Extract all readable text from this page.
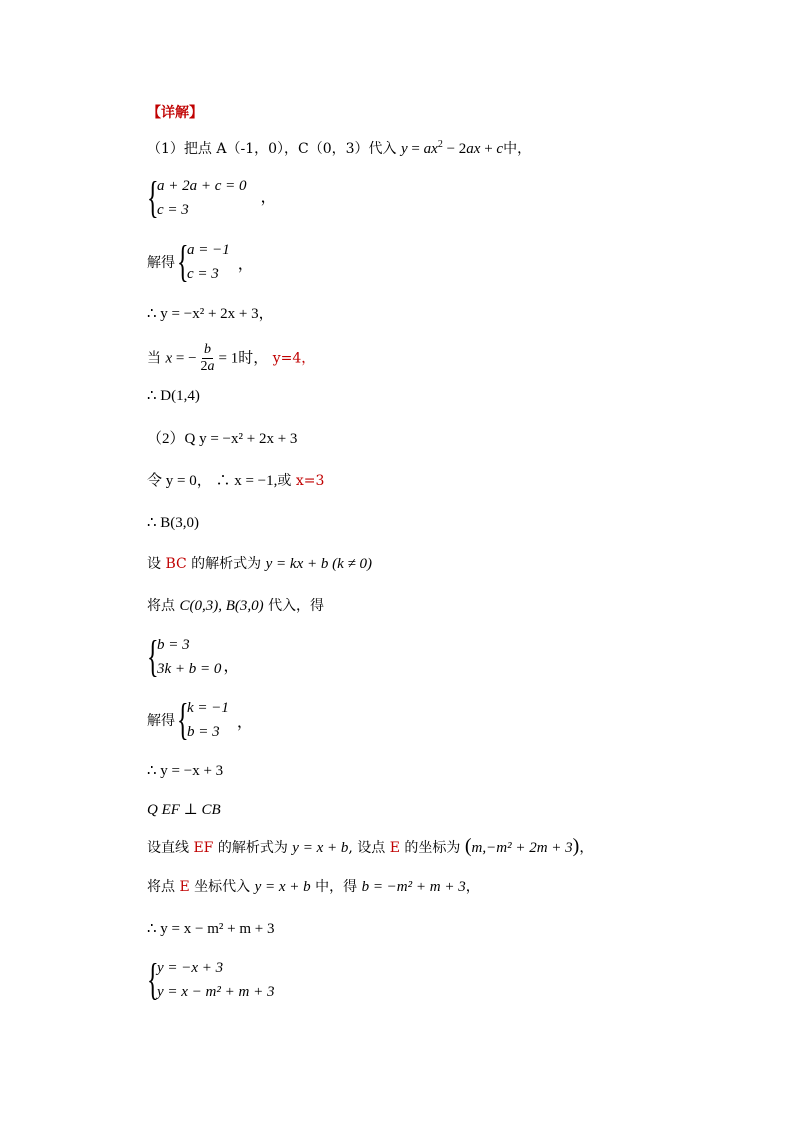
【详解】
（1）把点 A（-1，0），C（0，3）代入 $y = ax^2 - 2ax + c$中，
{
a + 2a + c = 0
c = 3
，
解得 {
a = −1
c = 3
，
∴ y = −x² + 2x + 3，
当 x = − $\frac{b}{2a} = 1$时， y=4，
∴ D(1,4)
（2）Q y = −x² + 2x + 3
令 y = 0， ∴ x = −1,或 x=3
∴ B(3,0)
设 BC 的解析式为 y = kx + b (k ≠ 0)
将点 C(0,3), B(3,0) 代入，得
{
b = 3
3k + b = 0 ，
解得 {
k = −1
b = 3
，
∴ y = −x + 3
Q EF ⊥ CB
设直线 EF 的解析式为 y = x + b, 设点 E 的坐标为 (m,−m² + 2m + 3)，
将点 E 坐标代入 y = x + b 中，得 b = −m² + m + 3，
∴ y = x − m² + m + 3
{
y = −x + 3
y = x − m² + m + 3
